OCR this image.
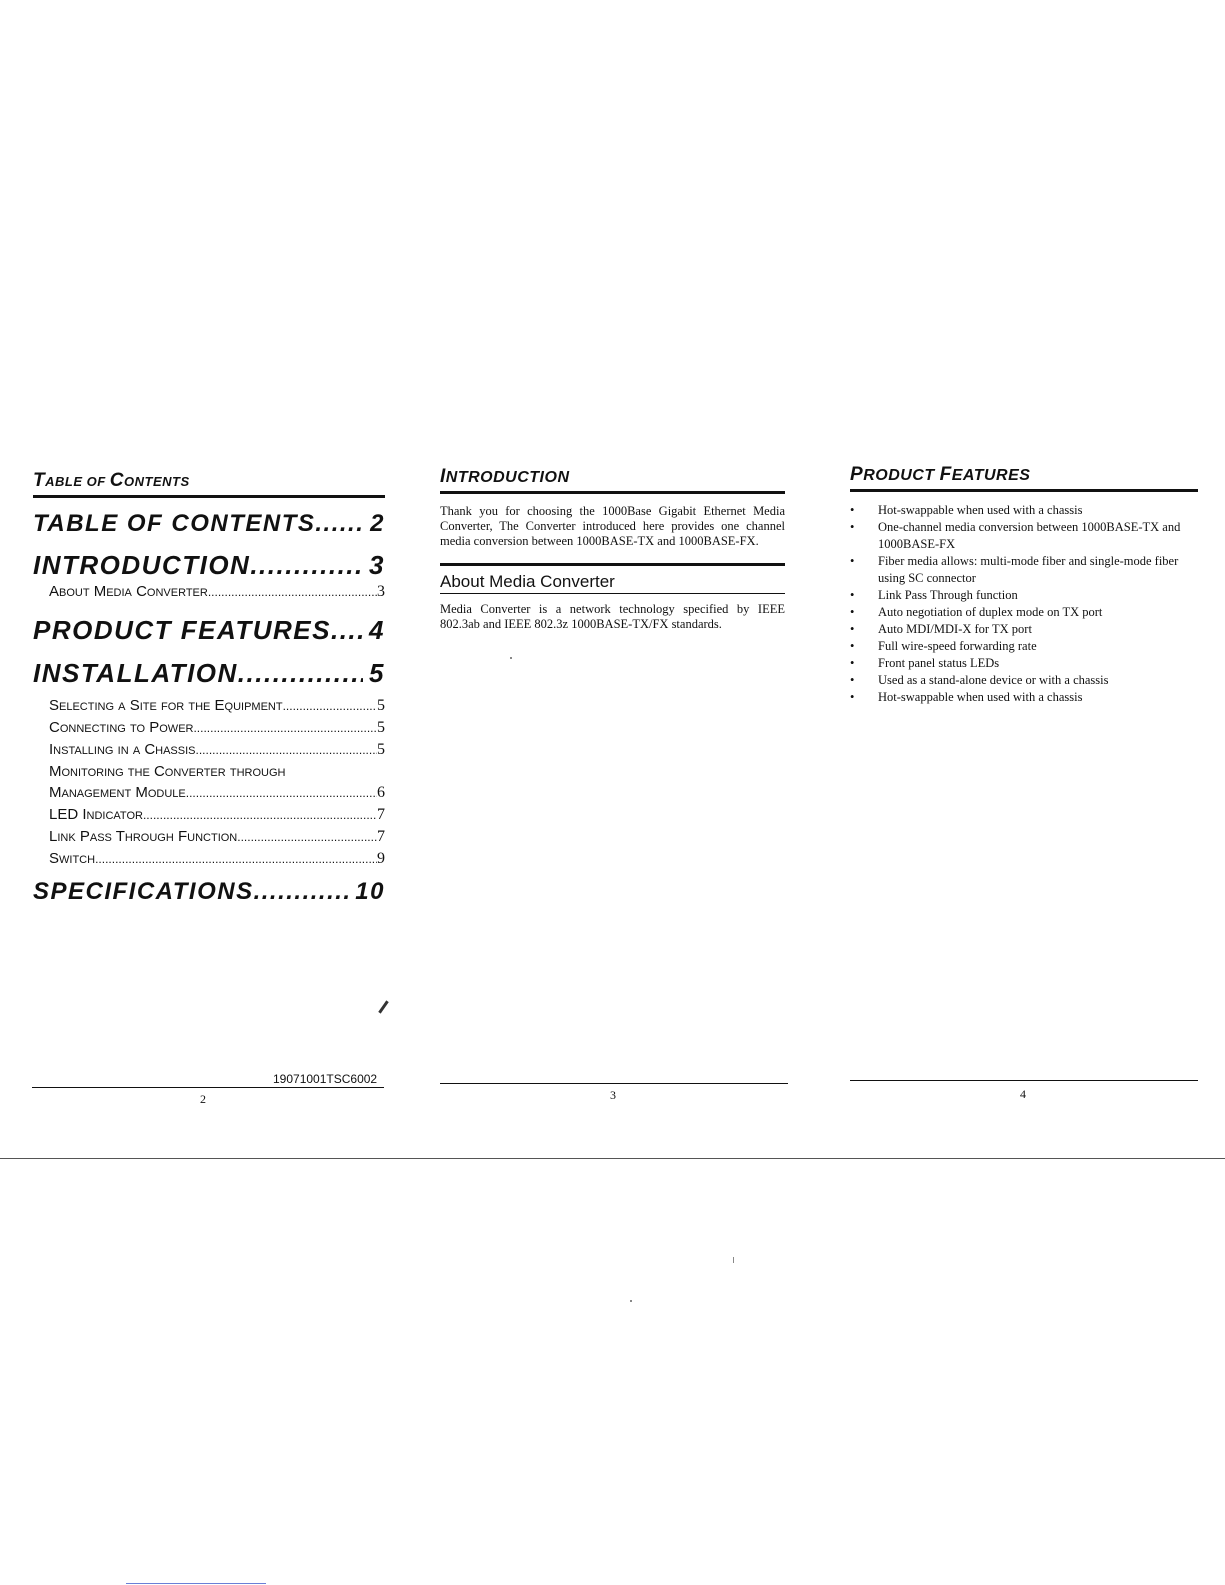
TABLE OF CONTENTS
TABLE OF CONTENTS ..... 2
INTRODUCTION .....	3
About Media Converter .....	3
PRODUCT FEATURES ..... 4
INSTALLATION .....	5
Selecting a Site for the Equipment .....	5
Connecting to Power .....	5
Installing in a Chassis .....	5
Monitoring the Converter through
Management Module .....	6
LED Indicator .....	7
Link Pass Through Function .....	7
Switch .....	9
SPECIFICATIONS .....	10
INTRODUCTION

Thank you for choosing the 1000Base Gigabit Ethernet Media Converter, The Converter introduced here provides one channel media conversion between 1000BASE-TX and 1000BASE-FX.

About Media Converter

Media Converter is a network technology specified by IEEE 802.3ab and IEEE 802.3z 1000BASE-TX/FX standards.

PRODUCT FEATURES
• Hot-swappable when used with a chassis
• One-channel media conversion between 1000BASE-TX and 1000BASE-FX
• Fiber media allows: multi-mode fiber and single-mode fiber using SC connector
• Link Pass Through function
• Auto negotiation of duplex mode on TX port
• Auto MDI/MDI-X for TX port
• Full wire-speed forwarding rate
• Front panel status LEDs
• Used as a stand-alone device or with a chassis
• Hot-swappable when used with a chassis
19071001TSC6002
2	3	4
